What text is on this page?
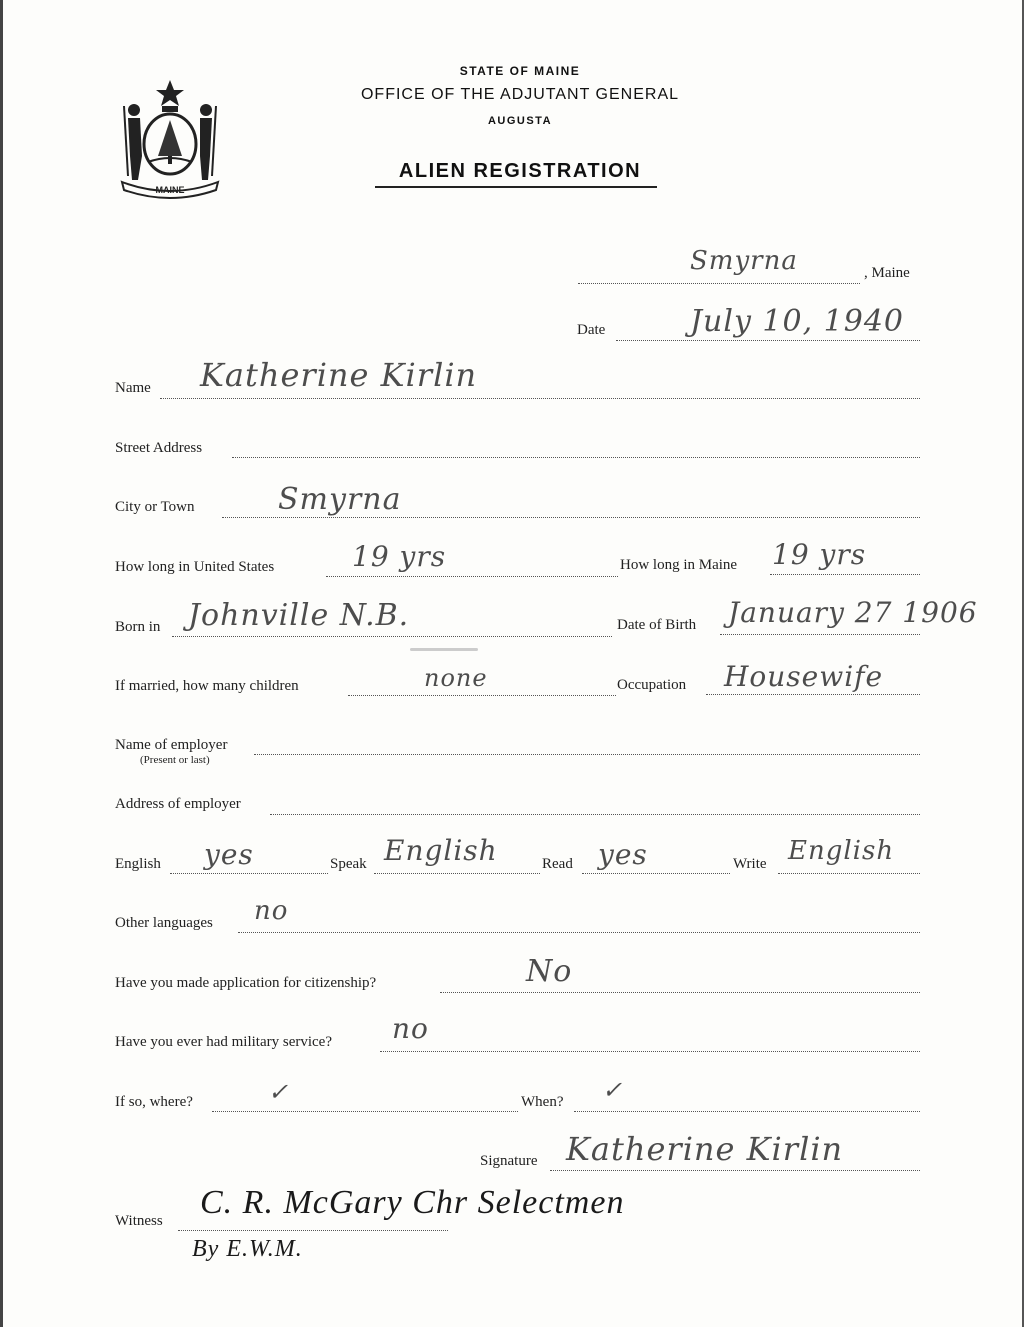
MAINE
STATE OF MAINE
OFFICE OF THE ADJUTANT GENERAL
AUGUSTA
ALIEN REGISTRATION
Smyrna	, Maine
Date	July 10, 1940
Name Katherine Kirlin
Street Address
City or Town	Smyrna
How long in United States	19 yrs	How long in Maine 19 yrs
Born in Johnville N.B.	Date of Birth January 27 1906
If married, how many children	none	Occupation Housewife
Name of employer
(Present or last)
Address of employer
English yes	Speak English	Read yes	Write English
Other languages no
Have you made application for citizenship?	No
Have you ever had military service? no
If so, where?	✓	When? ✓
Signature Katherine Kirlin
Witness C. R. McGary Chr Selectmen
By E.W.M.
